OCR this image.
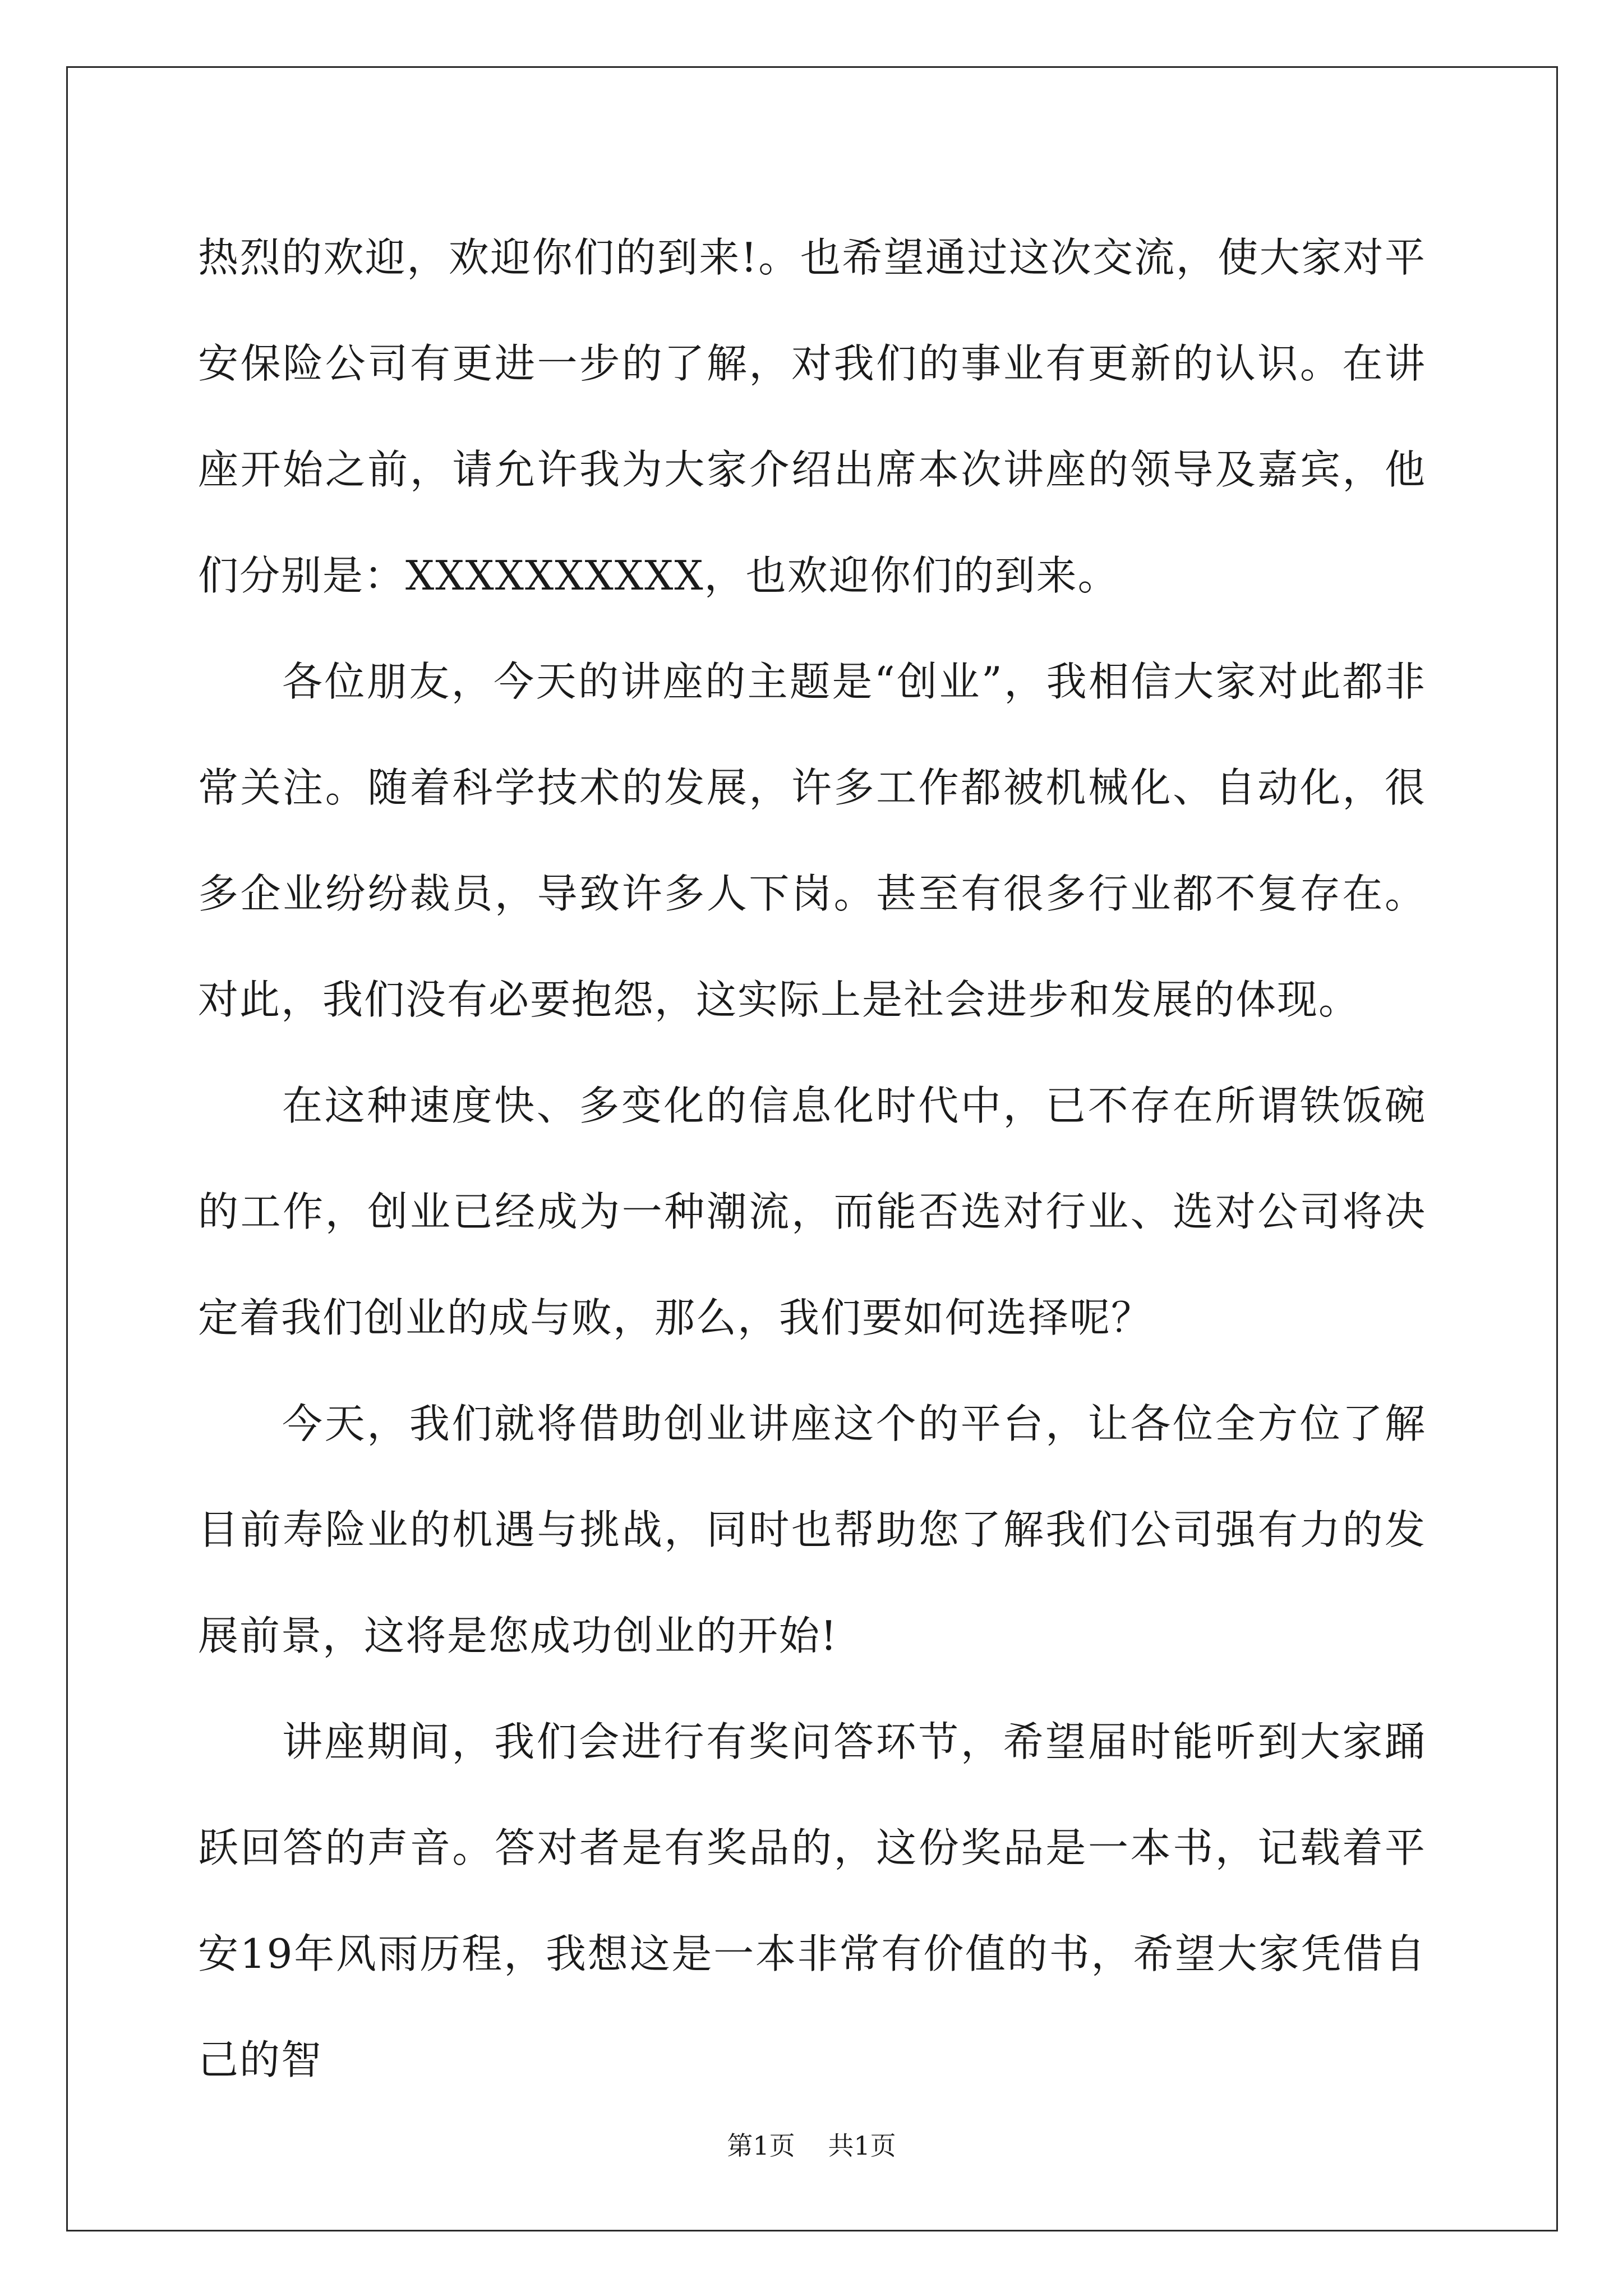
热烈的欢迎，欢迎你们的到来!。也希望通过这次交流，使大家对平安保险公司有更进一步的了解，对我们的事业有更新的认识。在讲座开始之前，请允许我为大家介绍出席本次讲座的领导及嘉宾，他们分别是：XXXXXXXXXX，也欢迎你们的到来。

各位朋友，今天的讲座的主题是“创业”，我相信大家对此都非常关注。随着科学技术的发展，许多工作都被机械化、自动化，很多企业纷纷裁员，导致许多人下岗。甚至有很多行业都不复存在。对此，我们没有必要抱怨，这实际上是社会进步和发展的体现。

在这种速度快、多变化的信息化时代中，已不存在所谓铁饭碗的工作，创业已经成为一种潮流，而能否选对行业、选对公司将决定着我们创业的成与败，那么，我们要如何选择呢？

今天，我们就将借助创业讲座这个的平台，让各位全方位了解目前寿险业的机遇与挑战，同时也帮助您了解我们公司强有力的发展前景，这将是您成功创业的开始!

讲座期间，我们会进行有奖问答环节，希望届时能听到大家踊跃回答的声音。答对者是有奖品的，这份奖品是一本书，记载着平安19年风雨历程，我想这是一本非常有价值的书，希望大家凭借自己的智

第1页 共1页
